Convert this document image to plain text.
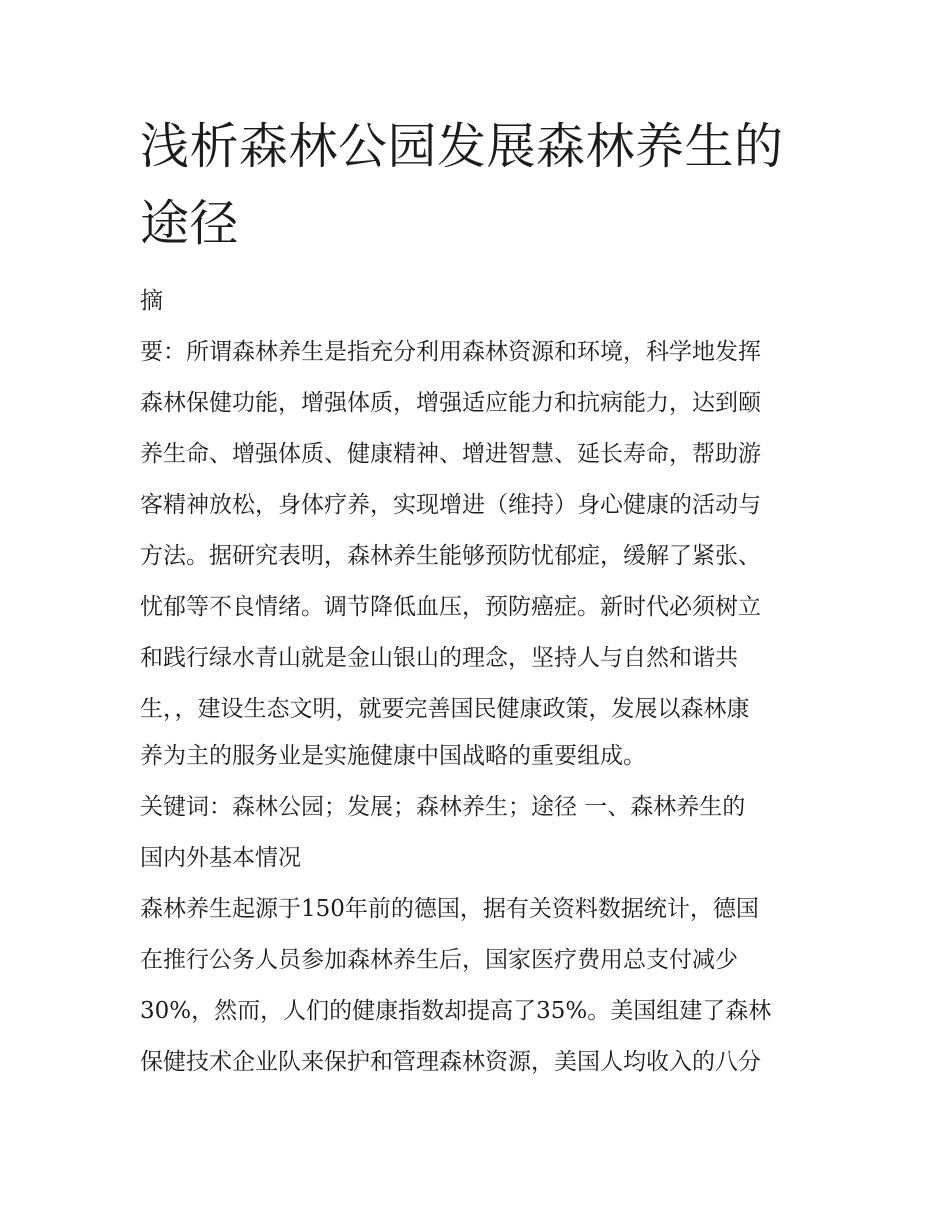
浅析森林公园发展森林养生的途径

摘

要：所谓森林养生是指充分利用森林资源和环境，科学地发挥

森林保健功能，增强体质，增强适应能力和抗病能力，达到颐

养生命、增强体质、健康精神、增进智慧、延长寿命，帮助游

客精神放松，身体疗养，实现增进（维持）身心健康的活动与

方法。据研究表明，森林养生能够预防忧郁症，缓解了紧张、

忧郁等不良情绪。调节降低血压，预防癌症。新时代必须树立

和践行绿水青山就是金山银山的理念，坚持人与自然和谐共

生，，建设生态文明，就要完善国民健康政策，发展以森林康

养为主的服务业是实施健康中国战略的重要组成。

关键词：森林公园；发展；森林养生；途径 一、森林养生的

国内外基本情况

森林养生起源于150年前的德国，据有关资料数据统计，德国

在推行公务人员参加森林养生后，国家医疗费用总支付减少

30%，然而，人们的健康指数却提高了35%。美国组建了森林

保健技术企业队来保护和管理森林资源，美国人均收入的八分
